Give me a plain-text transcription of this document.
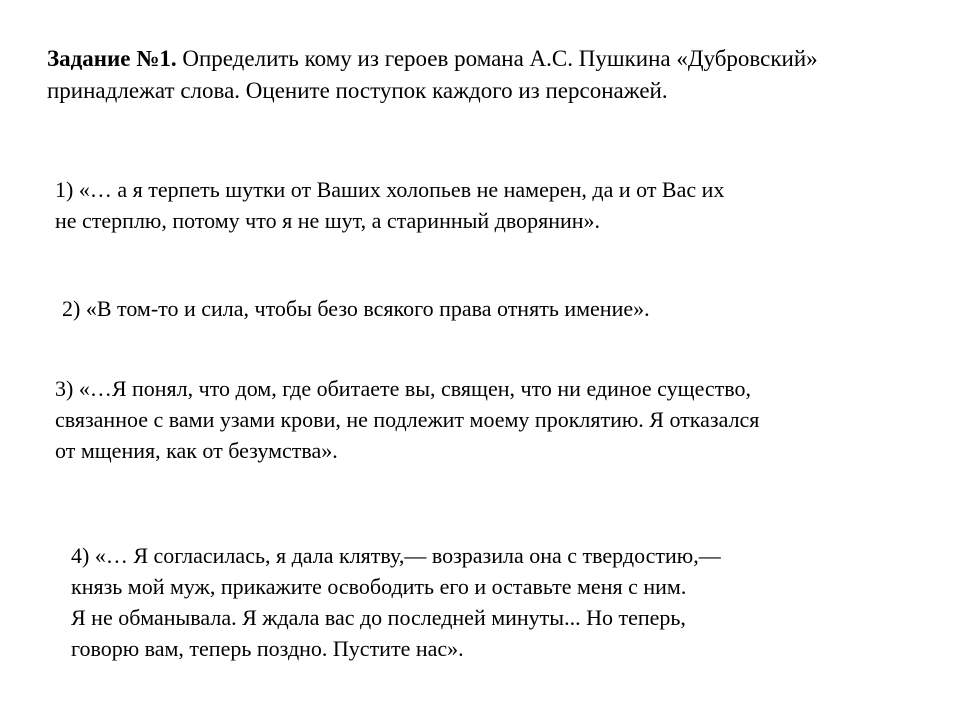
Задание №1. Определить кому из героев романа А.С. Пушкина «Дубровский»
принадлежат слова. Оцените поступок каждого из персонажей.
1) «… а я терпеть шутки от Ваших холопьев не намерен, да и от Вас их
не стерплю, потому что я не шут, а старинный дворянин».
2) «В том-то и сила, чтобы безо всякого права отнять имение».
3) «…Я понял, что дом, где обитаете вы, священ, что ни единое существо,
связанное с вами узами крови, не подлежит моему проклятию. Я отказался
от мщения, как от безумства».
4) «… Я согласилась, я дала клятву,— возразила она с твердостию,—
князь мой муж, прикажите освободить его и оставьте меня с ним.
Я не обманывала. Я ждала вас до последней минуты... Но теперь,
говорю вам, теперь поздно. Пустите нас».
